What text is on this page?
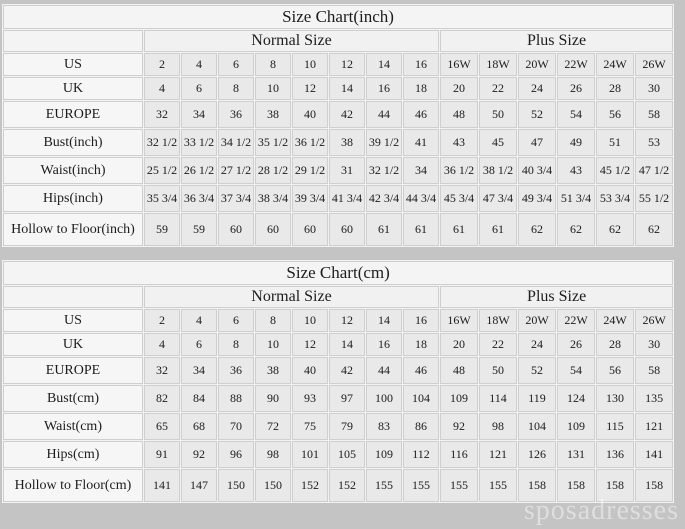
Size Chart(inch)														
	Normal Size								Plus Size					
US	2	4	6	8	10	12	14	16	16W	18W	20W	22W	24W	26W
UK	4	6	8	10	12	14	16	18	20	22	24	26	28	30
EUROPE	32	34	36	38	40	42	44	46	48	50	52	54	56	58
Bust(inch)	32 1/2	33 1/2	34 1/2	35 1/2	36 1/2	38	39 1/2	41	43	45	47	49	51	53
Waist(inch)	25 1/2	26 1/2	27 1/2	28 1/2	29 1/2	31	32 1/2	34	36 1/2	38 1/2	40 3/4	43	45 1/2	47 1/2
Hips(inch)	35 3/4	36 3/4	37 3/4	38 3/4	39 3/4	41 3/4	42 3/4	44 3/4	45 3/4	47 3/4	49 3/4	51 3/4	53 3/4	55 1/2
Hollow to Floor(inch)	59	59	60	60	60	60	61	61	61	61	62	62	62	62
Size Chart(cm)														
	Normal Size								Plus Size					
US	2	4	6	8	10	12	14	16	16W	18W	20W	22W	24W	26W
UK	4	6	8	10	12	14	16	18	20	22	24	26	28	30
EUROPE	32	34	36	38	40	42	44	46	48	50	52	54	56	58
Bust(cm)	82	84	88	90	93	97	100	104	109	114	119	124	130	135
Waist(cm)	65	68	70	72	75	79	83	86	92	98	104	109	115	121
Hips(cm)	91	92	96	98	101	105	109	112	116	121	126	131	136	141
Hollow to Floor(cm)	141	147	150	150	152	152	155	155	155	155	158	158	158	158
sposadresses
